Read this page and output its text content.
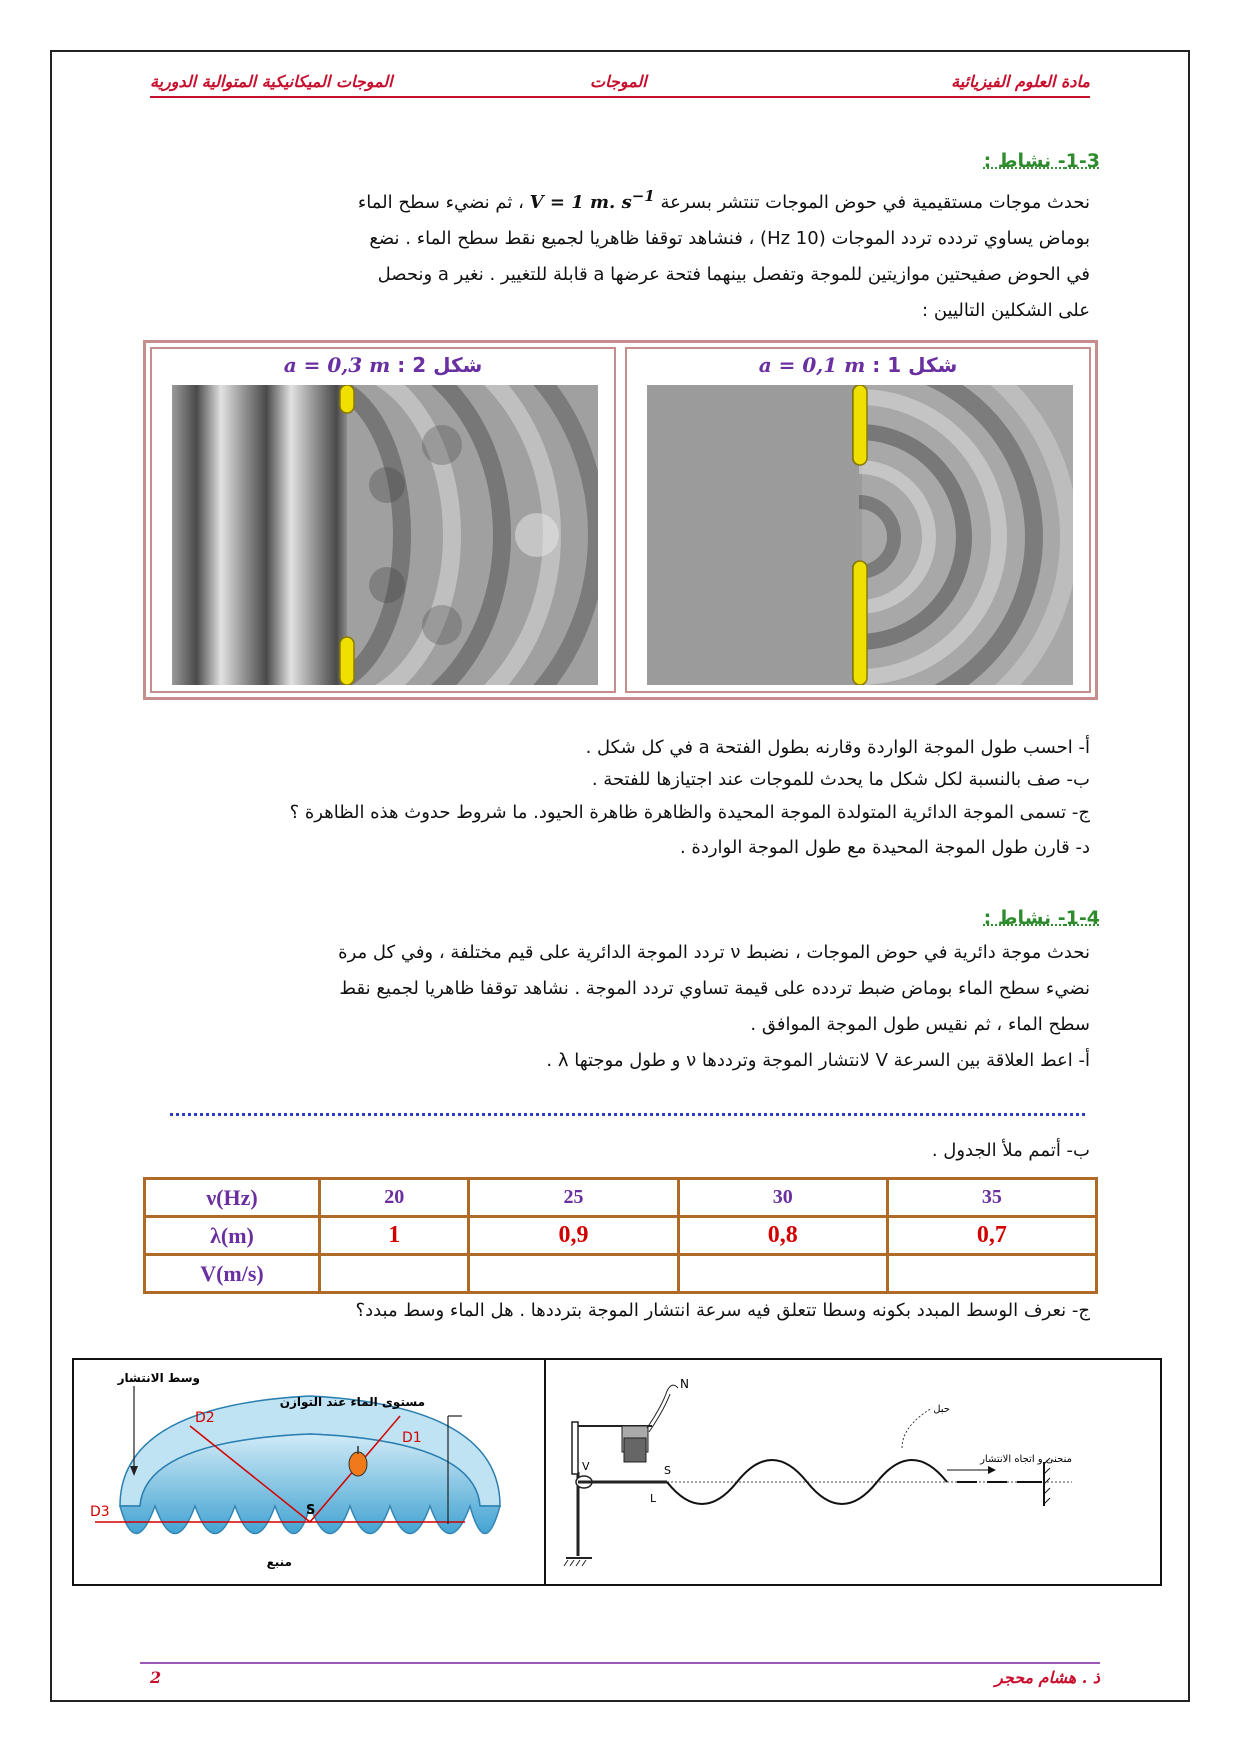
مادة العلوم الفيزيائية
الموجات
الموجات الميكانيكية المتوالية الدورية
1-3- نشاط :
نحدث موجات مستقيمية في حوض الموجات تنتشر بسرعة V = 1 m. $s^{-1}$ ، ثم نضيء سطح الماء
بوماض يساوي تردده تردد الموجات (10 Hz) ، فنشاهد توقفا ظاهريا لجميع نقط سطح الماء . نضع
في الحوض صفيحتين موازيتين للموجة وتفصل بينهما فتحة عرضها a قابلة للتغيير . نغير a ونحصل
على الشكلين التاليين :
شكل 1 : a = 0,1 m
شكل 2 : a = 0,3 m
أ- احسب طول الموجة الواردة وقارنه بطول الفتحة a في كل شكل .
ب- صف بالنسبة لكل شكل ما يحدث للموجات عند اجتيازها للفتحة .
ج- تسمى الموجة الدائرية المتولدة الموجة المحيدة والظاهرة ظاهرة الحيود. ما شروط حدوث هذه الظاهرة ؟
د- قارن طول الموجة المحيدة مع طول الموجة الواردة .
1-4- نشاط :
نحدث موجة دائرية في حوض الموجات ، نضبط ν تردد الموجة الدائرية على قيم مختلفة ، وفي كل مرة
نضيء سطح الماء بوماض ضبط تردده على قيمة تساوي تردد الموجة . نشاهد توقفا ظاهريا لجميع نقط
سطح الماء ، ثم نقيس طول الموجة الموافق .
أ- اعط العلاقة بين السرعة V لانتشار الموجة وترددها ν و طول موجتها λ .
ب- أتمم ملأ الجدول .
ν(Hz)	20	25	30	35
λ(m)	1	0,9	0,8	0,7
V(m/s)				
ج- نعرف الوسط المبدد بكونه وسطا تتعلق فيه سرعة انتشار الموجة بترددها . هل الماء وسط مبدد؟
وسط الانتشار
مستوى الماء عند التوازن
D2
D1
D3	S
منبع
N
V	S
L
حبل
منحنى و اتجاه الانتشار
ذ . هشام محجر
2
